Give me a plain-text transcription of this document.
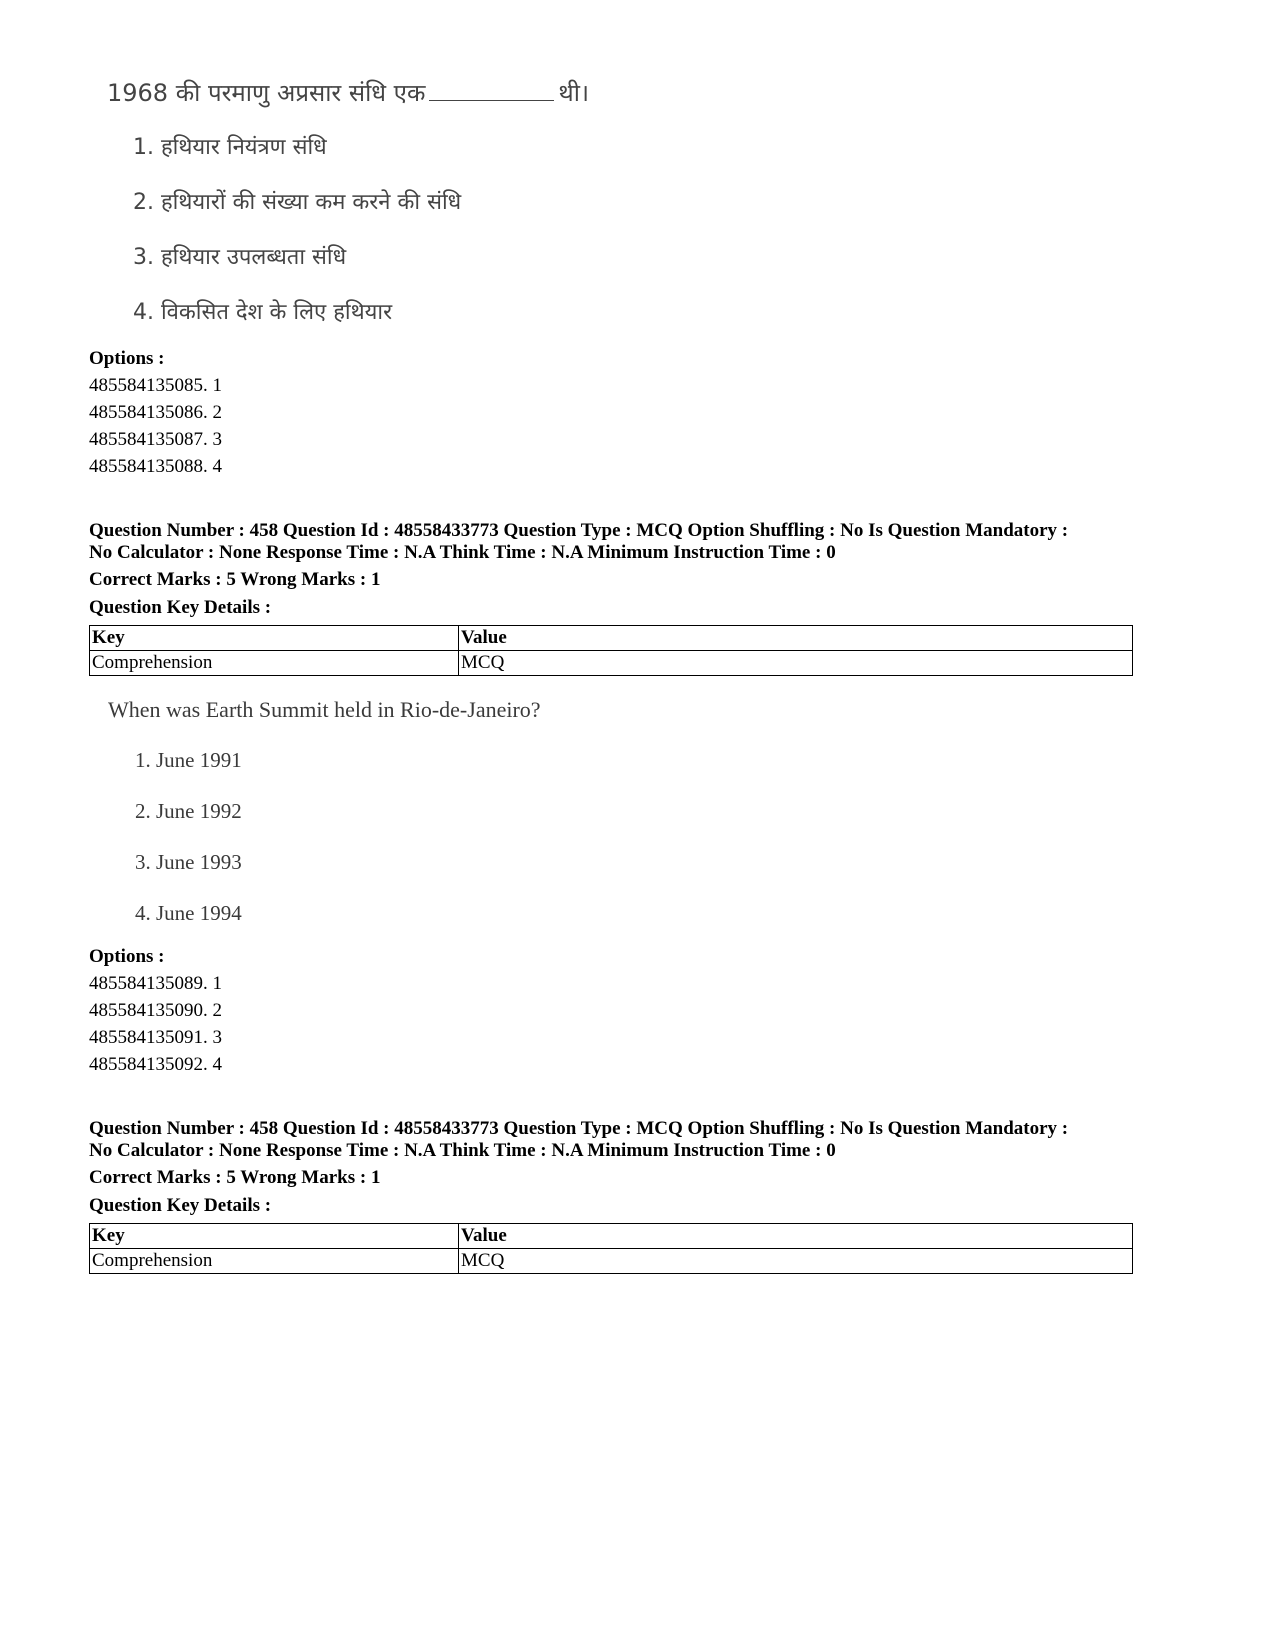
1968 की परमाणु अप्रसार संधि एक	थी।
1. हथियार नियंत्रण संधि
2. हथियारों की संख्या कम करने की संधि
3. हथियार उपलब्धता संधि
4. विकसित देश के लिए हथियार
Options :
485584135085. 1
485584135086. 2
485584135087. 3
485584135088. 4
Question Number : 458 Question Id : 48558433773 Question Type : MCQ Option Shuffling : No Is Question Mandatory :
No Calculator : None Response Time : N.A Think Time : N.A Minimum Instruction Time : 0
Correct Marks : 5 Wrong Marks : 1
Question Key Details :
Key	Value
Comprehension	MCQ
When was Earth Summit held in Rio-de-Janeiro?
1. June 1991
2. June 1992
3. June 1993
4. June 1994
Options :
485584135089. 1
485584135090. 2
485584135091. 3
485584135092. 4
Question Number : 458 Question Id : 48558433773 Question Type : MCQ Option Shuffling : No Is Question Mandatory :
No Calculator : None Response Time : N.A Think Time : N.A Minimum Instruction Time : 0
Correct Marks : 5 Wrong Marks : 1
Question Key Details :
Key	Value
Comprehension	MCQ
